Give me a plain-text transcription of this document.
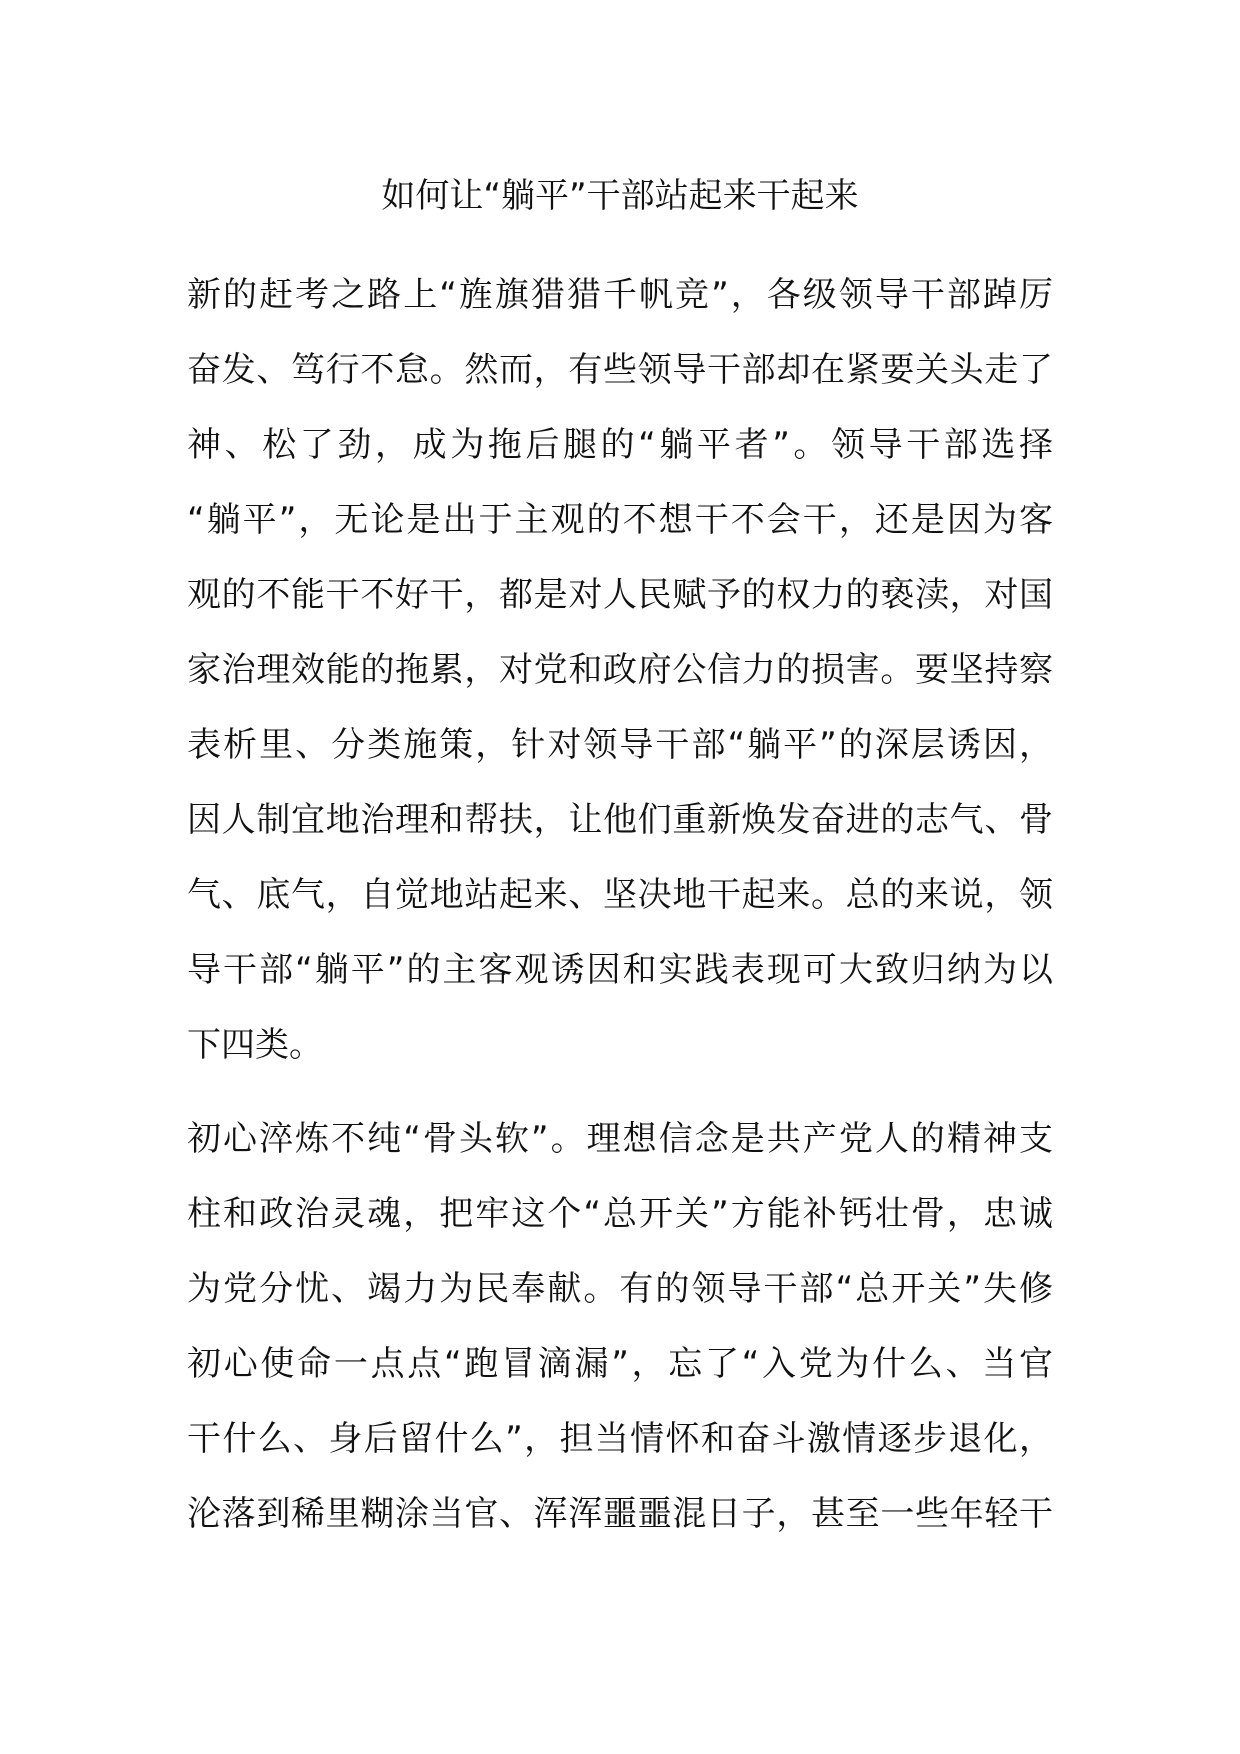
如何让“躺平”干部站起来干起来
新的赶考之路上“旌旗猎猎千帆竞”，各级领导干部踔厉
奋发、笃行不怠。然而，有些领导干部却在紧要关头走了
神、松了劲，成为拖后腿的“躺平者”。领导干部选择
“躺平”，无论是出于主观的不想干不会干，还是因为客
观的不能干不好干，都是对人民赋予的权力的亵渎，对国
家治理效能的拖累，对党和政府公信力的损害。要坚持察
表析里、分类施策，针对领导干部“躺平”的深层诱因，
因人制宜地治理和帮扶，让他们重新焕发奋进的志气、骨
气、底气，自觉地站起来、坚决地干起来。总的来说，领
导干部“躺平”的主客观诱因和实践表现可大致归纳为以
下四类。
初心淬炼不纯“骨头软”。理想信念是共产党人的精神支
柱和政治灵魂，把牢这个“总开关”方能补钙壮骨，忠诚
为党分忧、竭力为民奉献。有的领导干部“总开关”失修
初心使命一点点“跑冒滴漏”，忘了“入党为什么、当官
干什么、身后留什么”，担当情怀和奋斗激情逐步退化，
沦落到稀里糊涂当官、浑浑噩噩混日子，甚至一些年轻干
